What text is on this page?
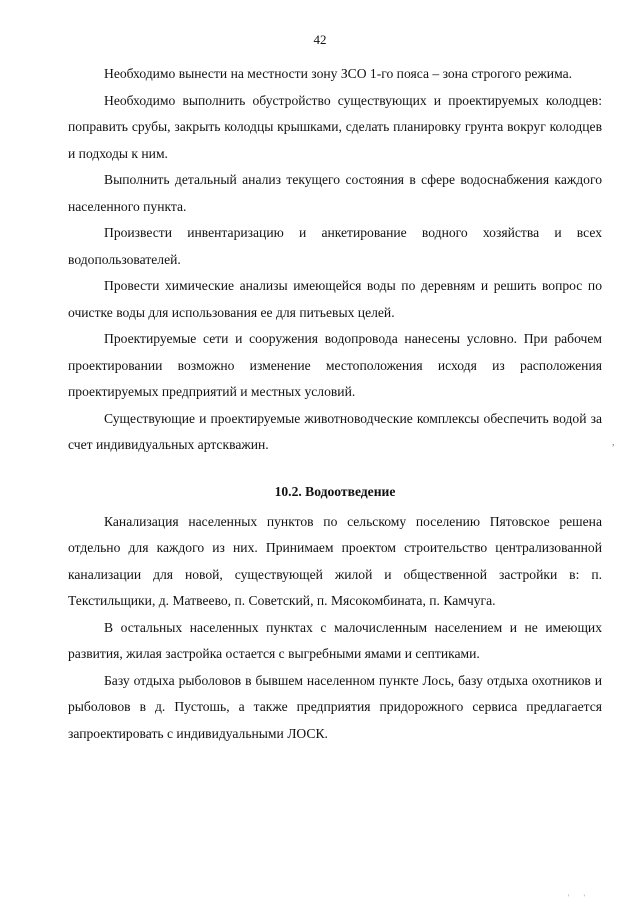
42

Необходимо вынести на местности зону ЗСО 1-го пояса – зона строгого режима.

Необходимо выполнить обустройство существующих и проектируемых колодцев: поправить срубы, закрыть колодцы крышками, сделать планировку грунта вокруг колодцев и подходы к ним.

Выполнить детальный анализ текущего состояния в сфере водоснабжения каждого населенного пункта.

Произвести инвентаризацию и анкетирование водного хозяйства и всех водопользователей.

Провести химические анализы имеющейся воды по деревням и решить вопрос по очистке воды для использования ее для питьевых целей.

Проектируемые сети и сооружения водопровода нанесены условно. При рабочем проектировании возможно изменение местоположения исходя из расположения проектируемых предприятий и местных условий.

Существующие и проектируемые животноводческие комплексы обеспечить водой за счет индивидуальных артскважин.

10.2. Водоотведение

Канализация населенных пунктов по сельскому поселению Пятовское решена отдельно для каждого из них. Принимаем проектом строительство централизованной канализации для новой, существующей жилой и общественной застройки в: п. Текстильщики, д. Матвеево, п. Советский, п. Мясокомбината, п. Камчуга.

В остальных населенных пунктах с малочисленным населением и не имеющих развития, жилая застройка остается с выгребными ямами и септиками.

Базу отдыха рыболовов в бывшем населенном пункте Лось, базу отдыха охотников и рыболовов в д. Пустошь, а также предприятия придорожного сервиса предлагается запроектировать с индивидуальными ЛОСК.

,
' '
